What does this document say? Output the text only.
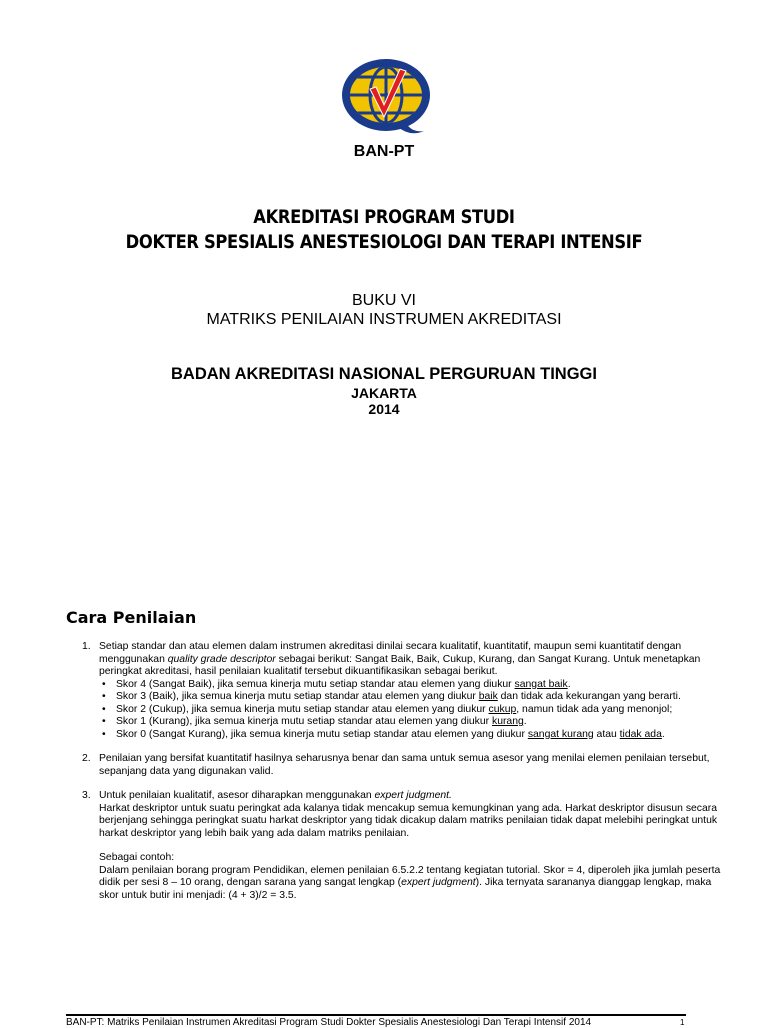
BAN-PT
AKREDITASI PROGRAM STUDI
DOKTER SPESIALIS ANESTESIOLOGI DAN TERAPI INTENSIF
BUKU VI
MATRIKS PENILAIAN INSTRUMEN AKREDITASI
BADAN AKREDITASI NASIONAL PERGURUAN TINGGI
JAKARTA
2014
Cara Penilaian
1. Setiap standar dan atau elemen dalam instrumen akreditasi dinilai secara kualitatif, kuantitatif, maupun semi kuantitatif dengan menggunakan quality grade descriptor sebagai berikut: Sangat Baik, Baik, Cukup, Kurang, dan Sangat Kurang. Untuk menetapkan peringkat akreditasi, hasil penilaian kualitatif tersebut dikuantifikasikan sebagai berikut.

• Skor 4 (Sangat Baik), jika semua kinerja mutu setiap standar atau elemen yang diukur sangat baik.
• Skor 3 (Baik), jika semua kinerja mutu setiap standar atau elemen yang diukur baik dan tidak ada kekurangan yang berarti.
• Skor 2 (Cukup), jika semua kinerja mutu setiap standar atau elemen yang diukur cukup, namun tidak ada yang menonjol;
• Skor 1 (Kurang), jika semua kinerja mutu setiap standar atau elemen yang diukur kurang.
• Skor 0 (Sangat Kurang), jika semua kinerja mutu setiap standar atau elemen yang diukur sangat kurang atau tidak ada.
2. Penilaian yang bersifat kuantitatif hasilnya seharusnya benar dan sama untuk semua asesor yang menilai elemen penilaian tersebut, sepanjang data yang digunakan valid.

3. Untuk penilaian kualitatif, asesor diharapkan menggunakan expert judgment.

Harkat deskriptor untuk suatu peringkat ada kalanya tidak mencakup semua kemungkinan yang ada. Harkat deskriptor disusun secara berjenjang sehingga peringkat suatu harkat deskriptor yang tidak dicakup dalam matriks penilaian tidak dapat melebihi peringkat untuk harkat deskriptor yang lebih baik yang ada dalam matriks penilaian.

Sebagai contoh:

Dalam penilaian borang program Pendidikan, elemen penilaian 6.5.2.2 tentang kegiatan tutorial. Skor = 4, diperoleh jika jumlah peserta didik per sesi 8 – 10 orang, dengan sarana yang sangat lengkap (expert judgment). Jika ternyata sarananya dianggap lengkap, maka skor untuk butir ini menjadi: (4 + 3)/2 = 3.5.

BAN-PT: Matriks Penilaian Instrumen Akreditasi Program Studi Dokter Spesialis Anestesiologi Dan Terapi Intensif 2014	1
